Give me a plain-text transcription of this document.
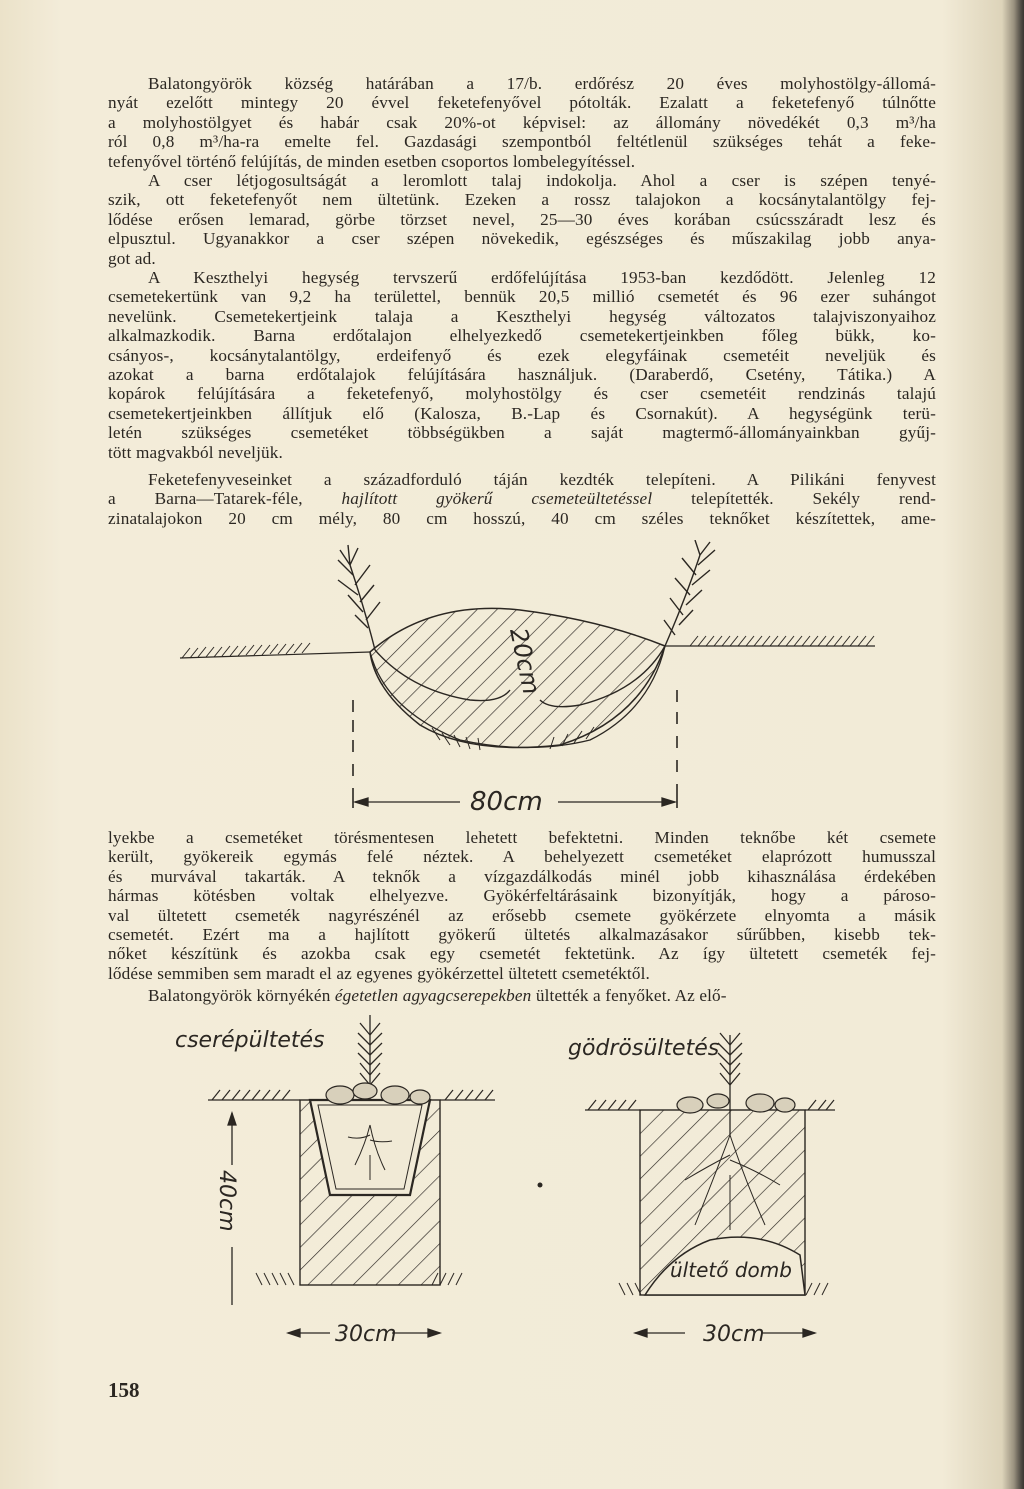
Balatongyörök község határában a 17/b. erdőrész 20 éves molyhostölgy-állomá-
nyát ezelőtt mintegy 20 évvel feketefenyővel pótolták. Ezalatt a feketefenyő túlnőtte
a molyhostölgyet és habár csak 20%-ot képvisel: az állomány növedékét 0,3 m³/ha
ról 0,8 m³/ha-ra emelte fel. Gazdasági szempontból feltétlenül szükséges tehát a feke-
tefenyővel történő felújítás, de minden esetben csoportos lombelegyítéssel.
A cser létjogosultságát a leromlott talaj indokolja. Ahol a cser is szépen tenyé-
szik, ott feketefenyőt nem ültetünk. Ezeken a rossz talajokon a kocsánytalantölgy fej-
lődése erősen lemarad, görbe törzset nevel, 25—30 éves korában csúcsszáradt lesz és
elpusztul. Ugyanakkor a cser szépen növekedik, egészséges és műszakilag jobb anya-
got ad.
A Keszthelyi hegység tervszerű erdőfelújítása 1953-ban kezdődött. Jelenleg 12
csemetekertünk van 9,2 ha területtel, bennük 20,5 millió csemetét és 96 ezer suhángot
nevelünk. Csemetekertjeink talaja a Keszthelyi hegység változatos talajviszonyaihoz
alkalmazkodik. Barna erdőtalajon elhelyezkedő csemetekertjeinkben főleg bükk, ko-
csányos-, kocsánytalantölgy, erdeifenyő és ezek elegyfáinak csemetéit neveljük és
azokat a barna erdőtalajok felújítására használjuk. (Daraberdő, Csetény, Tátika.) A
kopárok felújítására a feketefenyő, molyhostölgy és cser csemetéit rendzinás talajú
csemetekertjeinkben állítjuk elő (Kalosza, B.-Lap és Csornakút). A hegységünk terü-
letén szükséges csemetéket többségükben a saját magtermő-állományainkban gyűj-
tött magvakból neveljük.
Feketefenyveseinket a századforduló táján kezdték telepíteni. A Pilikáni fenyvest
a Barna—Tatarek-féle, hajlított gyökerű csemeteültetéssel telepítették. Sekély rend-
zinatalajokon 20 cm mély, 80 cm hosszú, 40 cm széles teknőket készítettek, ame-
20cm
80cm
lyekbe a csemetéket törésmentesen lehetett befektetni. Minden teknőbe két csemete
került, gyökereik egymás felé néztek. A behelyezett csemetéket elaprózott humusszal
és murvával takarták. A teknők a vízgazdálkodás minél jobb kihasználása érdekében
hármas kötésben voltak elhelyezve. Gyökérfeltárásaink bizonyítják, hogy a pároso-
val ültetett csemeték nagyrészénél az erősebb csemete gyökérzete elnyomta a másik
csemetét. Ezért ma a hajlított gyökerű ültetés alkalmazásakor sűrűbben, kisebb tek-
nőket készítünk és azokba csak egy csemetét fektetünk. Az így ültetett csemeték fej-
lődése semmiben sem maradt el az egyenes gyökérzettel ültetett csemetéktől.
Balatongyörök környékén égetetlen agyagcserepekben ültették a fenyőket. Az elő-
cserépültetés
40cm
30cm
gödrösültetés
ültető domb
30cm
158
